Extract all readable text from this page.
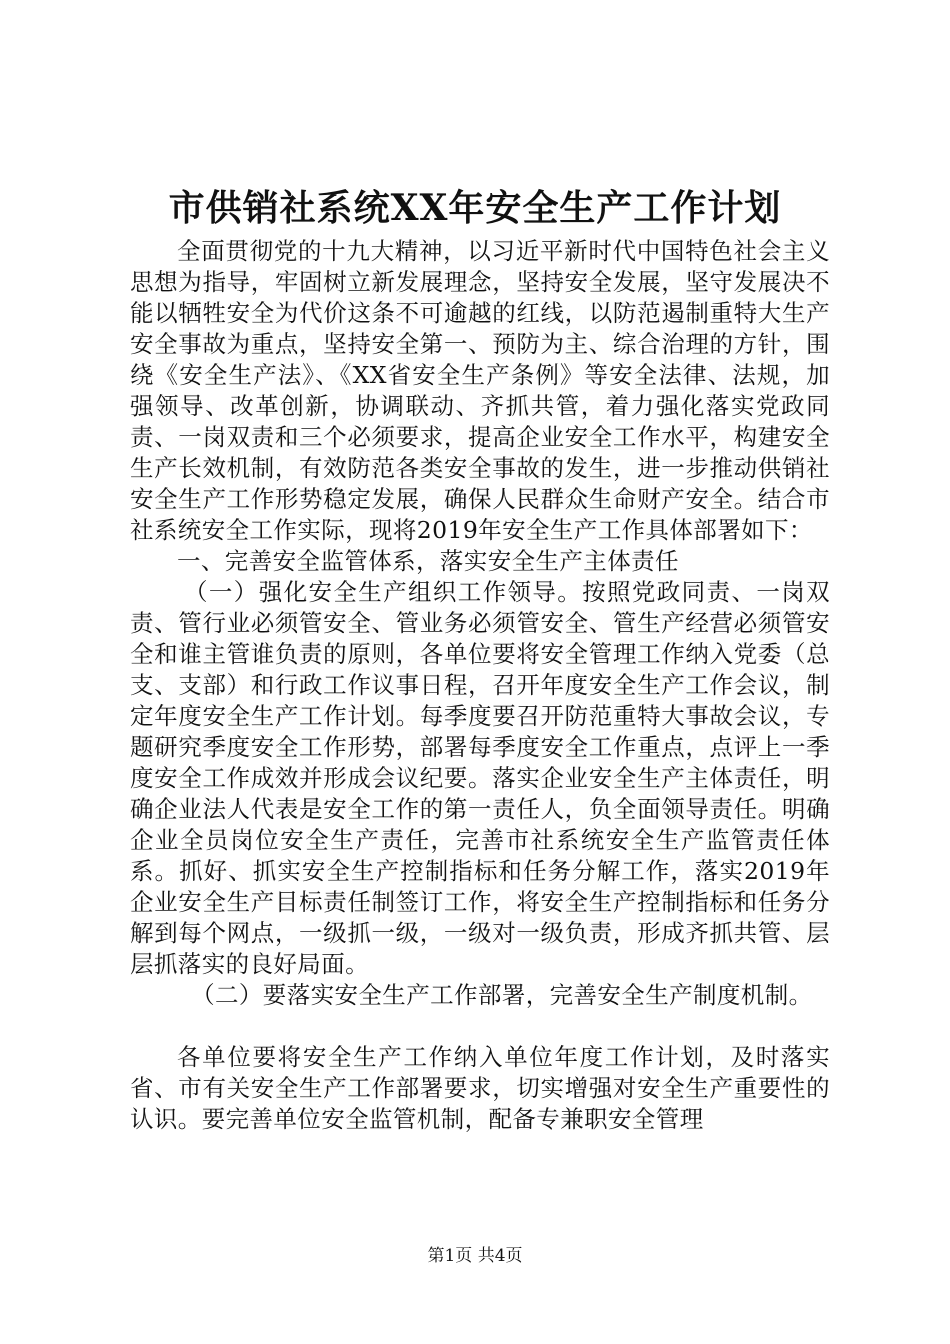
市供销社系统XX年安全生产工作计划

全面贯彻党的十九大精神，以习近平新时代中国特色社会主义思想为指导，牢固树立新发展理念，坚持安全发展，坚守发展决不能以牺牲安全为代价这条不可逾越的红线，以防范遏制重特大生产安全事故为重点，坚持安全第一、预防为主、综合治理的方针，围绕《安全生产法》、《XX省安全生产条例》等安全法律、法规，加强领导、改革创新，协调联动、齐抓共管，着力强化落实党政同责、一岗双责和三个必须要求，提高企业安全工作水平，构建安全生产长效机制，有效防范各类安全事故的发生，进一步推动供销社安全生产工作形势稳定发展，确保人民群众生命财产安全。结合市社系统安全工作实际，现将2019年安全生产工作具体部署如下：

一、完善安全监管体系，落实安全生产主体责任

（一）强化安全生产组织工作领导。按照党政同责、一岗双责、管行业必须管安全、管业务必须管安全、管生产经营必须管安全和谁主管谁负责的原则，各单位要将安全管理工作纳入党委（总支、支部）和行政工作议事日程，召开年度安全生产工作会议，制定年度安全生产工作计划。每季度要召开防范重特大事故会议，专题研究季度安全工作形势，部署每季度安全工作重点，点评上一季度安全工作成效并形成会议纪要。落实企业安全生产主体责任，明确企业法人代表是安全工作的第一责任人，负全面领导责任。明确企业全员岗位安全生产责任，完善市社系统安全生产监管责任体系。抓好、抓实安全生产控制指标和任务分解工作，落实2019年企业安全生产目标责任制签订工作，将安全生产控制指标和任务分解到每个网点，一级抓一级，一级对一级负责，形成齐抓共管、层层抓落实的良好局面。

（二）要落实安全生产工作部署，完善安全生产制度机制。

各单位要将安全生产工作纳入单位年度工作计划，及时落实省、市有关安全生产工作部署要求，切实增强对安全生产重要性的认识。要完善单位安全监管机制，配备专兼职安全管理

第1页 共4页
